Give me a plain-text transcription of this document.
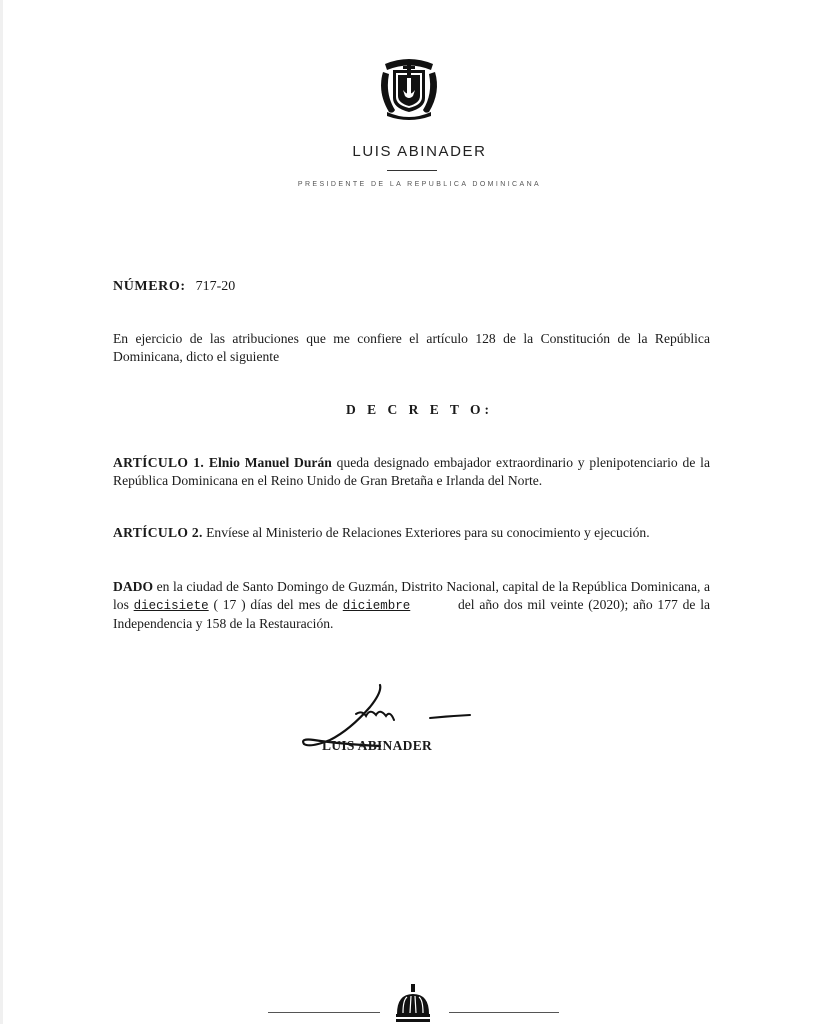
LUIS ABINADER
PRESIDENTE DE LA REPUBLICA DOMINICANA
NÚMERO: 717-20
En ejercicio de las atribuciones que me confiere el artículo 128 de la Constitución de la República Dominicana, dicto el siguiente
D E C R E T O:
ARTÍCULO 1. Elnio Manuel Durán queda designado embajador extraordinario y plenipotenciario de la República Dominicana en el Reino Unido de Gran Bretaña e Irlanda del Norte.
ARTÍCULO 2. Envíese al Ministerio de Relaciones Exteriores para su conocimiento y ejecución.
DADO en la ciudad de Santo Domingo de Guzmán, Distrito Nacional, capital de la República Dominicana, a los diecisiete ( 17 ) días del mes de diciembre	del año dos mil veinte (2020); año 177 de la Independencia y 158 de la Restauración.
LUIS ABINADER
